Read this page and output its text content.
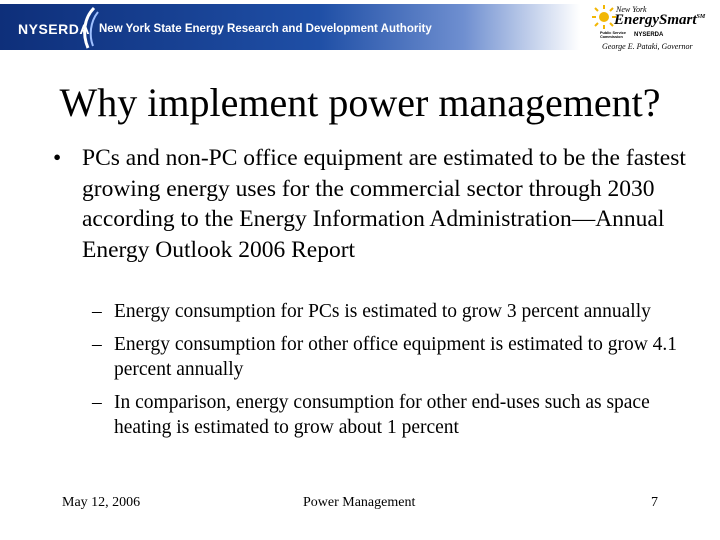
NYSERDA New York State Energy Research and Development Authority
New York
EnergySmart℠
Public Service Commission	NYSERDA
George E. Pataki, Governor
Why implement power management?
• PCs and non-PC office equipment are estimated to be the fastest growing energy uses for the commercial sector through 2030 according to the Energy Information Administration—Annual Energy Outlook 2006 Report
– Energy consumption for PCs is estimated to grow 3 percent annually
– Energy consumption for other office equipment is estimated to grow 4.1 percent annually
– In comparison, energy consumption for other end-uses such as space heating is estimated to grow about 1 percent
May 12, 2006	Power Management	7
